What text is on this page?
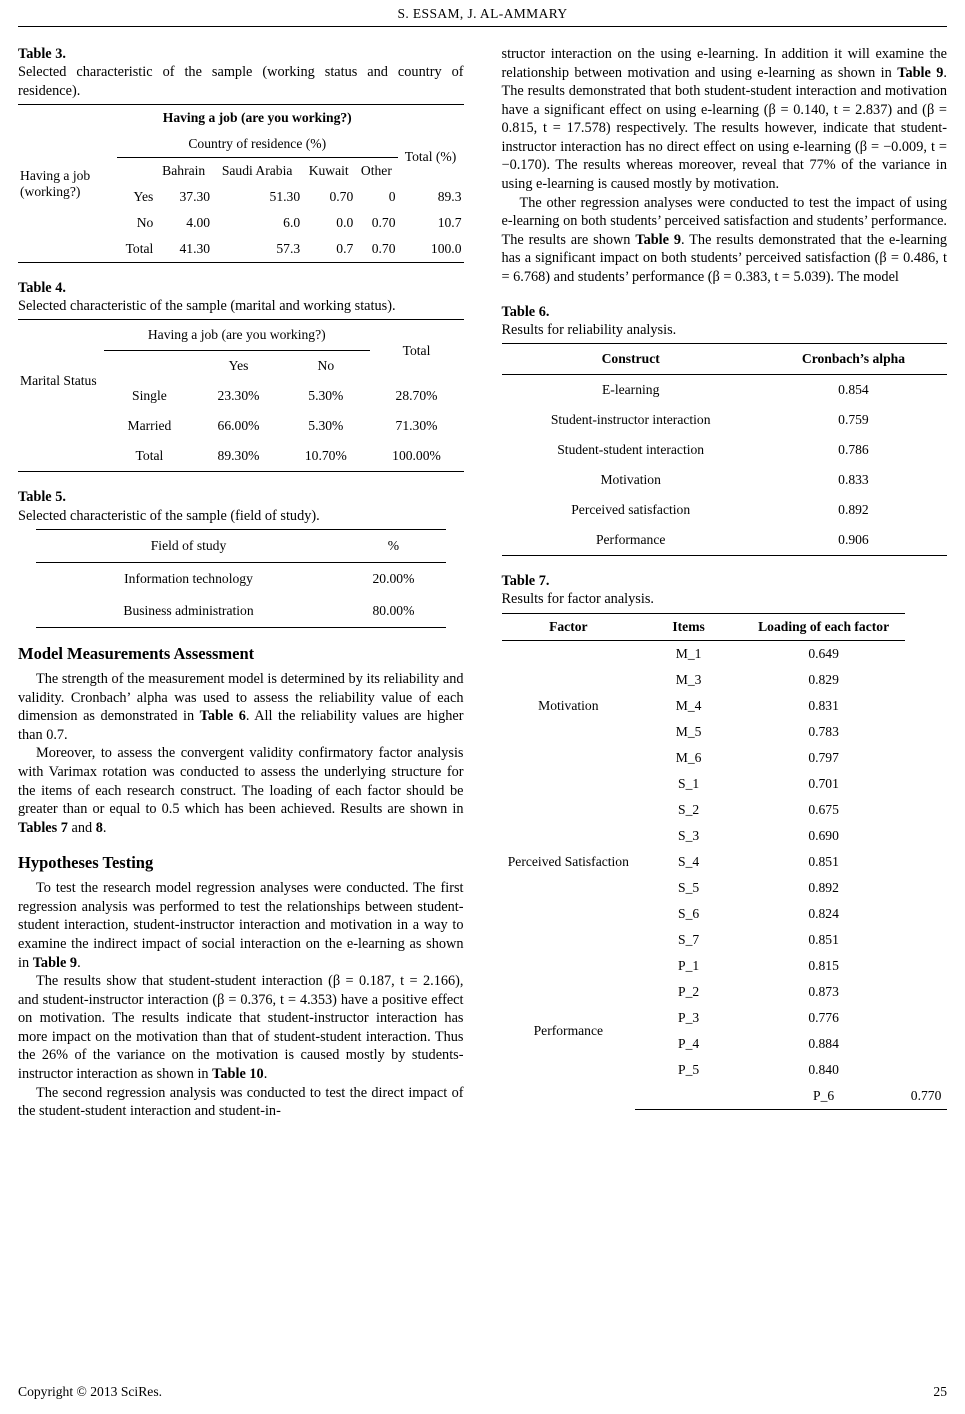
S. ESSAM, J. AL-AMMARY
Table 3.
Selected characteristic of the sample (working status and country of residence).
	Having a job (are you working?)					
	Country of residence (%)					Total (%)
Having a job (working?)		Bahrain	Saudi Arabia	Kuwait	Other	
	Yes	37.30	51.30	0.70	0	89.3
	No	4.00	6.0	0.0	0.70	10.7
	Total	41.30	57.3	0.7	0.70	100.0
Table 4.
Selected characteristic of the sample (marital and working status).
	Having a job (are you working?)			Total
Marital Status		Yes	No	
	Single	23.30%	5.30%	28.70%
	Married	66.00%	5.30%	71.30%
	Total	89.30%	10.70%	100.00%
Table 5.
Selected characteristic of the sample (field of study).
Field of study	%
Information technology	20.00%
Business administration	80.00%
Model Measurements Assessment

The strength of the measurement model is determined by its reliability and validity. Cronbach’ alpha was used to assess the reliability value of each dimension as demonstrated in Table 6. All the reliability values are higher than 0.7.

Moreover, to assess the convergent validity confirmatory factor analysis with Varimax rotation was conducted to assess the underlying structure for the items of each research construct. The loading of each factor should be greater than or equal to 0.5 which has been achieved. Results are shown in Tables 7 and 8.

Hypotheses Testing

To test the research model regression analyses were conducted. The first regression analysis was performed to test the relationships between student-student interaction, student-instructor interaction and motivation in a way to examine the indirect impact of social interaction on the e-learning as shown in Table 9.

The results show that student-student interaction (β = 0.187, t = 2.166), and student-instructor interaction (β = 0.376, t = 4.353) have a positive effect on motivation. The results indicate that student-instructor interaction has more impact on the motivation than that of student-student interaction. Thus the 26% of the variance on the motivation is caused mostly by students-instructor interaction as shown in Table 10.

The second regression analysis was conducted to test the direct impact of the student-student interaction and student-in-

structor interaction on the using e-learning. In addition it will examine the relationship between motivation and using e-learning as shown in Table 9. The results demonstrated that both student-student interaction and motivation have a significant effect on using e-learning (β = 0.140, t = 2.837) and (β = 0.815, t = 17.578) respectively. The results however, indicate that student-instructor interaction has no direct effect on using e-learning (β = −0.009, t = −0.170). The results whereas moreover, reveal that 77% of the variance in using e-learning is caused mostly by motivation.

The other regression analyses were conducted to test the impact of using e-learning on both students’ perceived satisfaction and students’ performance. The results are shown Table 9. The results demonstrated that the e-learning has a significant impact on both students’ perceived satisfaction (β = 0.486, t = 6.768) and students’ performance (β = 0.383, t = 5.039). The model

Table 6.
Results for reliability analysis.
Construct	Cronbach’s alpha
E-learning	0.854
Student-instructor interaction	0.759
Student-student interaction	0.786
Motivation	0.833
Perceived satisfaction	0.892
Performance	0.906
Table 7.
Results for factor analysis.
Factor	Items	Loading of each factor	
Motivation	M_1	0.649	
	M_3	0.829	
	M_4	0.831	
	M_5	0.783	
	M_6	0.797	
Perceived Satisfaction	S_1	0.701	
	S_2	0.675	
	S_3	0.690	
	S_4	0.851	
	S_5	0.892	
	S_6	0.824	
	S_7	0.851	
Performance	P_1	0.815	
	P_2	0.873	
	P_3	0.776	
	P_4	0.884	
	P_5	0.840	
		P_6	0.770
Copyright © 2013 SciRes.	25
